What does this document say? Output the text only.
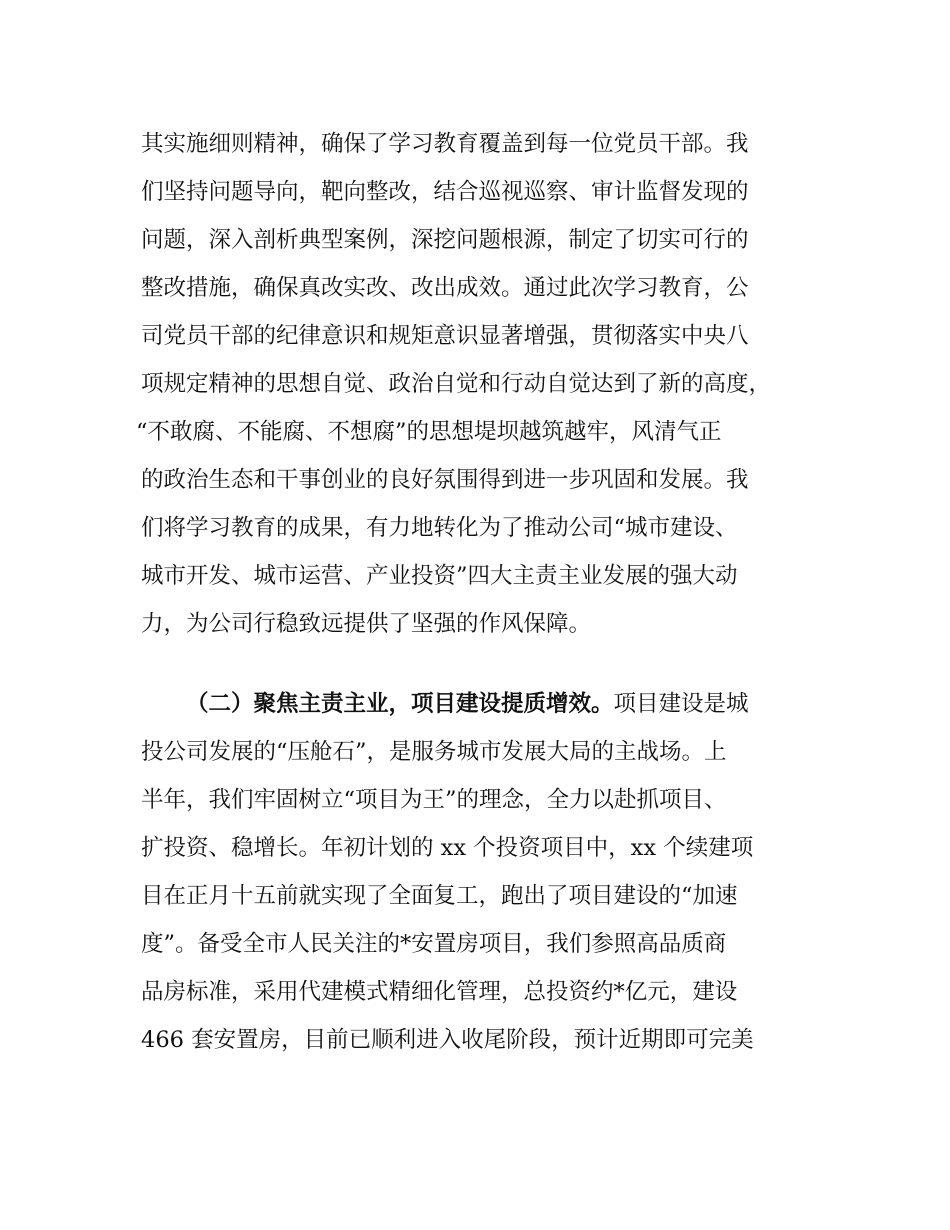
其实施细则精神，确保了学习教育覆盖到每一位党员干部。我
们坚持问题导向，靶向整改，结合巡视巡察、审计监督发现的
问题，深入剖析典型案例，深挖问题根源，制定了切实可行的
整改措施，确保真改实改、改出成效。通过此次学习教育，公
司党员干部的纪律意识和规矩意识显著增强，贯彻落实中央八
项规定精神的思想自觉、政治自觉和行动自觉达到了新的高度，
“不敢腐、不能腐、不想腐”的思想堤坝越筑越牢，风清气正
的政治生态和干事创业的良好氛围得到进一步巩固和发展。我
们将学习教育的成果，有力地转化为了推动公司“城市建设、
城市开发、城市运营、产业投资”四大主责主业发展的强大动
力，为公司行稳致远提供了坚强的作风保障。
（二）聚焦主责主业，项目建设提质增效。项目建设是城
投公司发展的“压舱石”，是服务城市发展大局的主战场。上
半年，我们牢固树立“项目为王”的理念，全力以赴抓项目、
扩投资、稳增长。年初计划的 xx 个投资项目中，xx 个续建项
目在正月十五前就实现了全面复工，跑出了项目建设的“加速
度”。备受全市人民关注的*安置房项目，我们参照高品质商
品房标准，采用代建模式精细化管理，总投资约*亿元，建设
466 套安置房，目前已顺利进入收尾阶段，预计近期即可完美
